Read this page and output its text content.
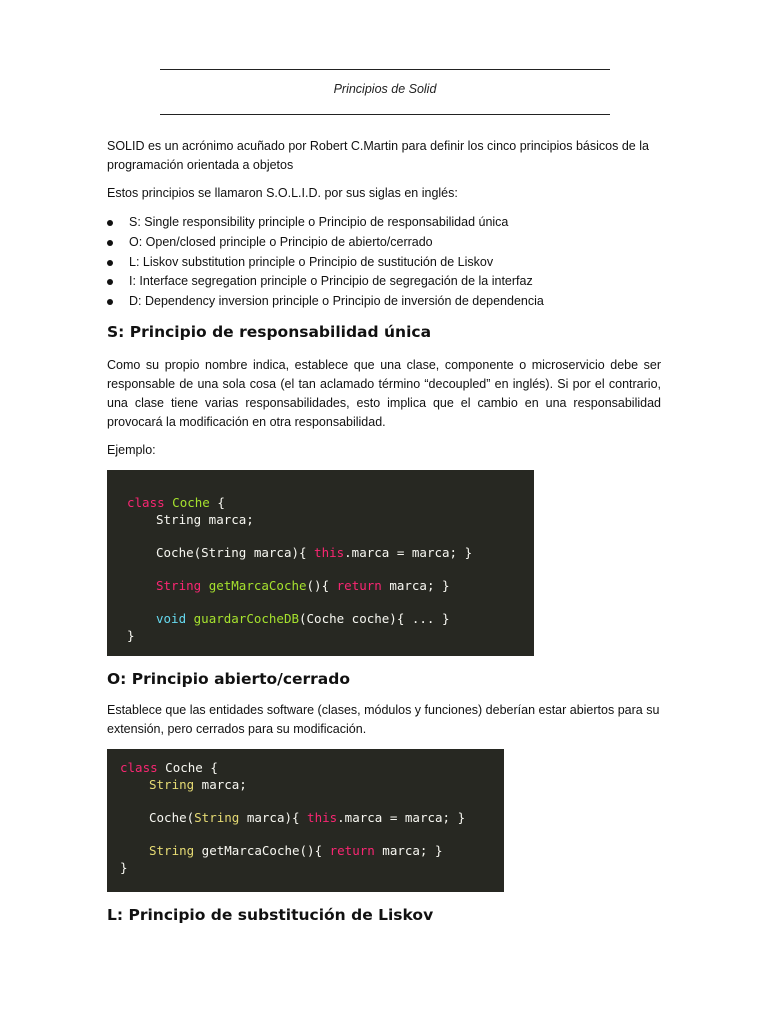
Principios de Solid
SOLID es un acrónimo acuñado por Robert C.Martin para definir los cinco principios básicos de la programación orientada a objetos
Estos principios se llamaron S.O.L.I.D. por sus siglas en inglés:
S: Single responsibility principle o Principio de responsabilidad única
O: Open/closed principle o Principio de abierto/cerrado
L: Liskov substitution principle o Principio de sustitución de Liskov
I: Interface segregation principle o Principio de segregación de la interfaz
D: Dependency inversion principle o Principio de inversión de dependencia
S: Principio de responsabilidad única
Como su propio nombre indica, establece que una clase, componente o microservicio debe ser responsable de una sola cosa (el tan aclamado término “decoupled” en inglés). Si por el contrario, una clase tiene varias responsabilidades, esto implica que el cambio en una responsabilidad provocará la modificación en otra responsabilidad.
Ejemplo:
class Coche {
String marca;
Coche(String marca){ this.marca = marca; }
String getMarcaCoche(){ return marca; }
void guardarCocheDB(Coche coche){ ... }
}
O: Principio abierto/cerrado
Establece que las entidades software (clases, módulos y funciones) deberían estar abiertos para su extensión, pero cerrados para su modificación.
class Coche {
String marca;
Coche(String marca){ this.marca = marca; }
String getMarcaCoche(){ return marca; }
}
L: Principio de substitución de Liskov
